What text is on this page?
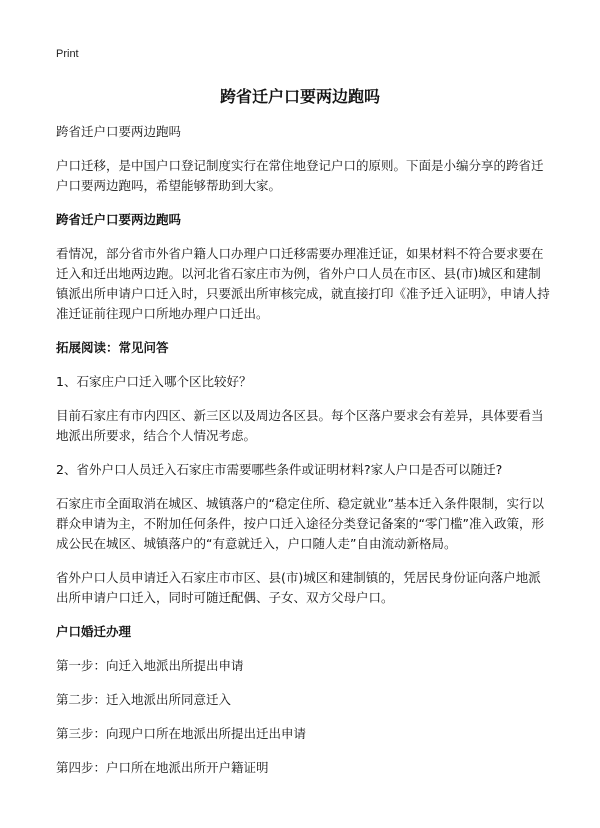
Print
跨省迁户口要两边跑吗

跨省迁户口要两边跑吗

户口迁移，是中国户口登记制度实行在常住地登记户口的原则。下面是小编分享的跨省迁户口要两边跑吗，希望能够帮助到大家。

跨省迁户口要两边跑吗

看情况，部分省市外省户籍人口办理户口迁移需要办理准迁证，如果材料不符合要求要在迁入和迁出地两边跑。以河北省石家庄市为例，省外户口人员在市区、县(市)城区和建制镇派出所申请户口迁入时，只要派出所审核完成，就直接打印《准予迁入证明》，申请人持准迁证前往现户口所地办理户口迁出。

拓展阅读：常见问答

1、石家庄户口迁入哪个区比较好？

目前石家庄有市内四区、新三区以及周边各区县。每个区落户要求会有差异，具体要看当地派出所要求，结合个人情况考虑。

2、省外户口人员迁入石家庄市需要哪些条件或证明材料?家人户口是否可以随迁?

石家庄市全面取消在城区、城镇落户的“稳定住所、稳定就业”基本迁入条件限制，实行以群众申请为主，不附加任何条件，按户口迁入途径分类登记备案的“零门槛”准入政策，形成公民在城区、城镇落户的“有意就迁入，户口随人走”自由流动新格局。

省外户口人员申请迁入石家庄市市区、县(市)城区和建制镇的，凭居民身份证向落户地派出所申请户口迁入，同时可随迁配偶、子女、双方父母户口。

户口婚迁办理

第一步：向迁入地派出所提出申请

第二步：迁入地派出所同意迁入

第三步：向现户口所在地派出所提出迁出申请

第四步：户口所在地派出所开户籍证明
